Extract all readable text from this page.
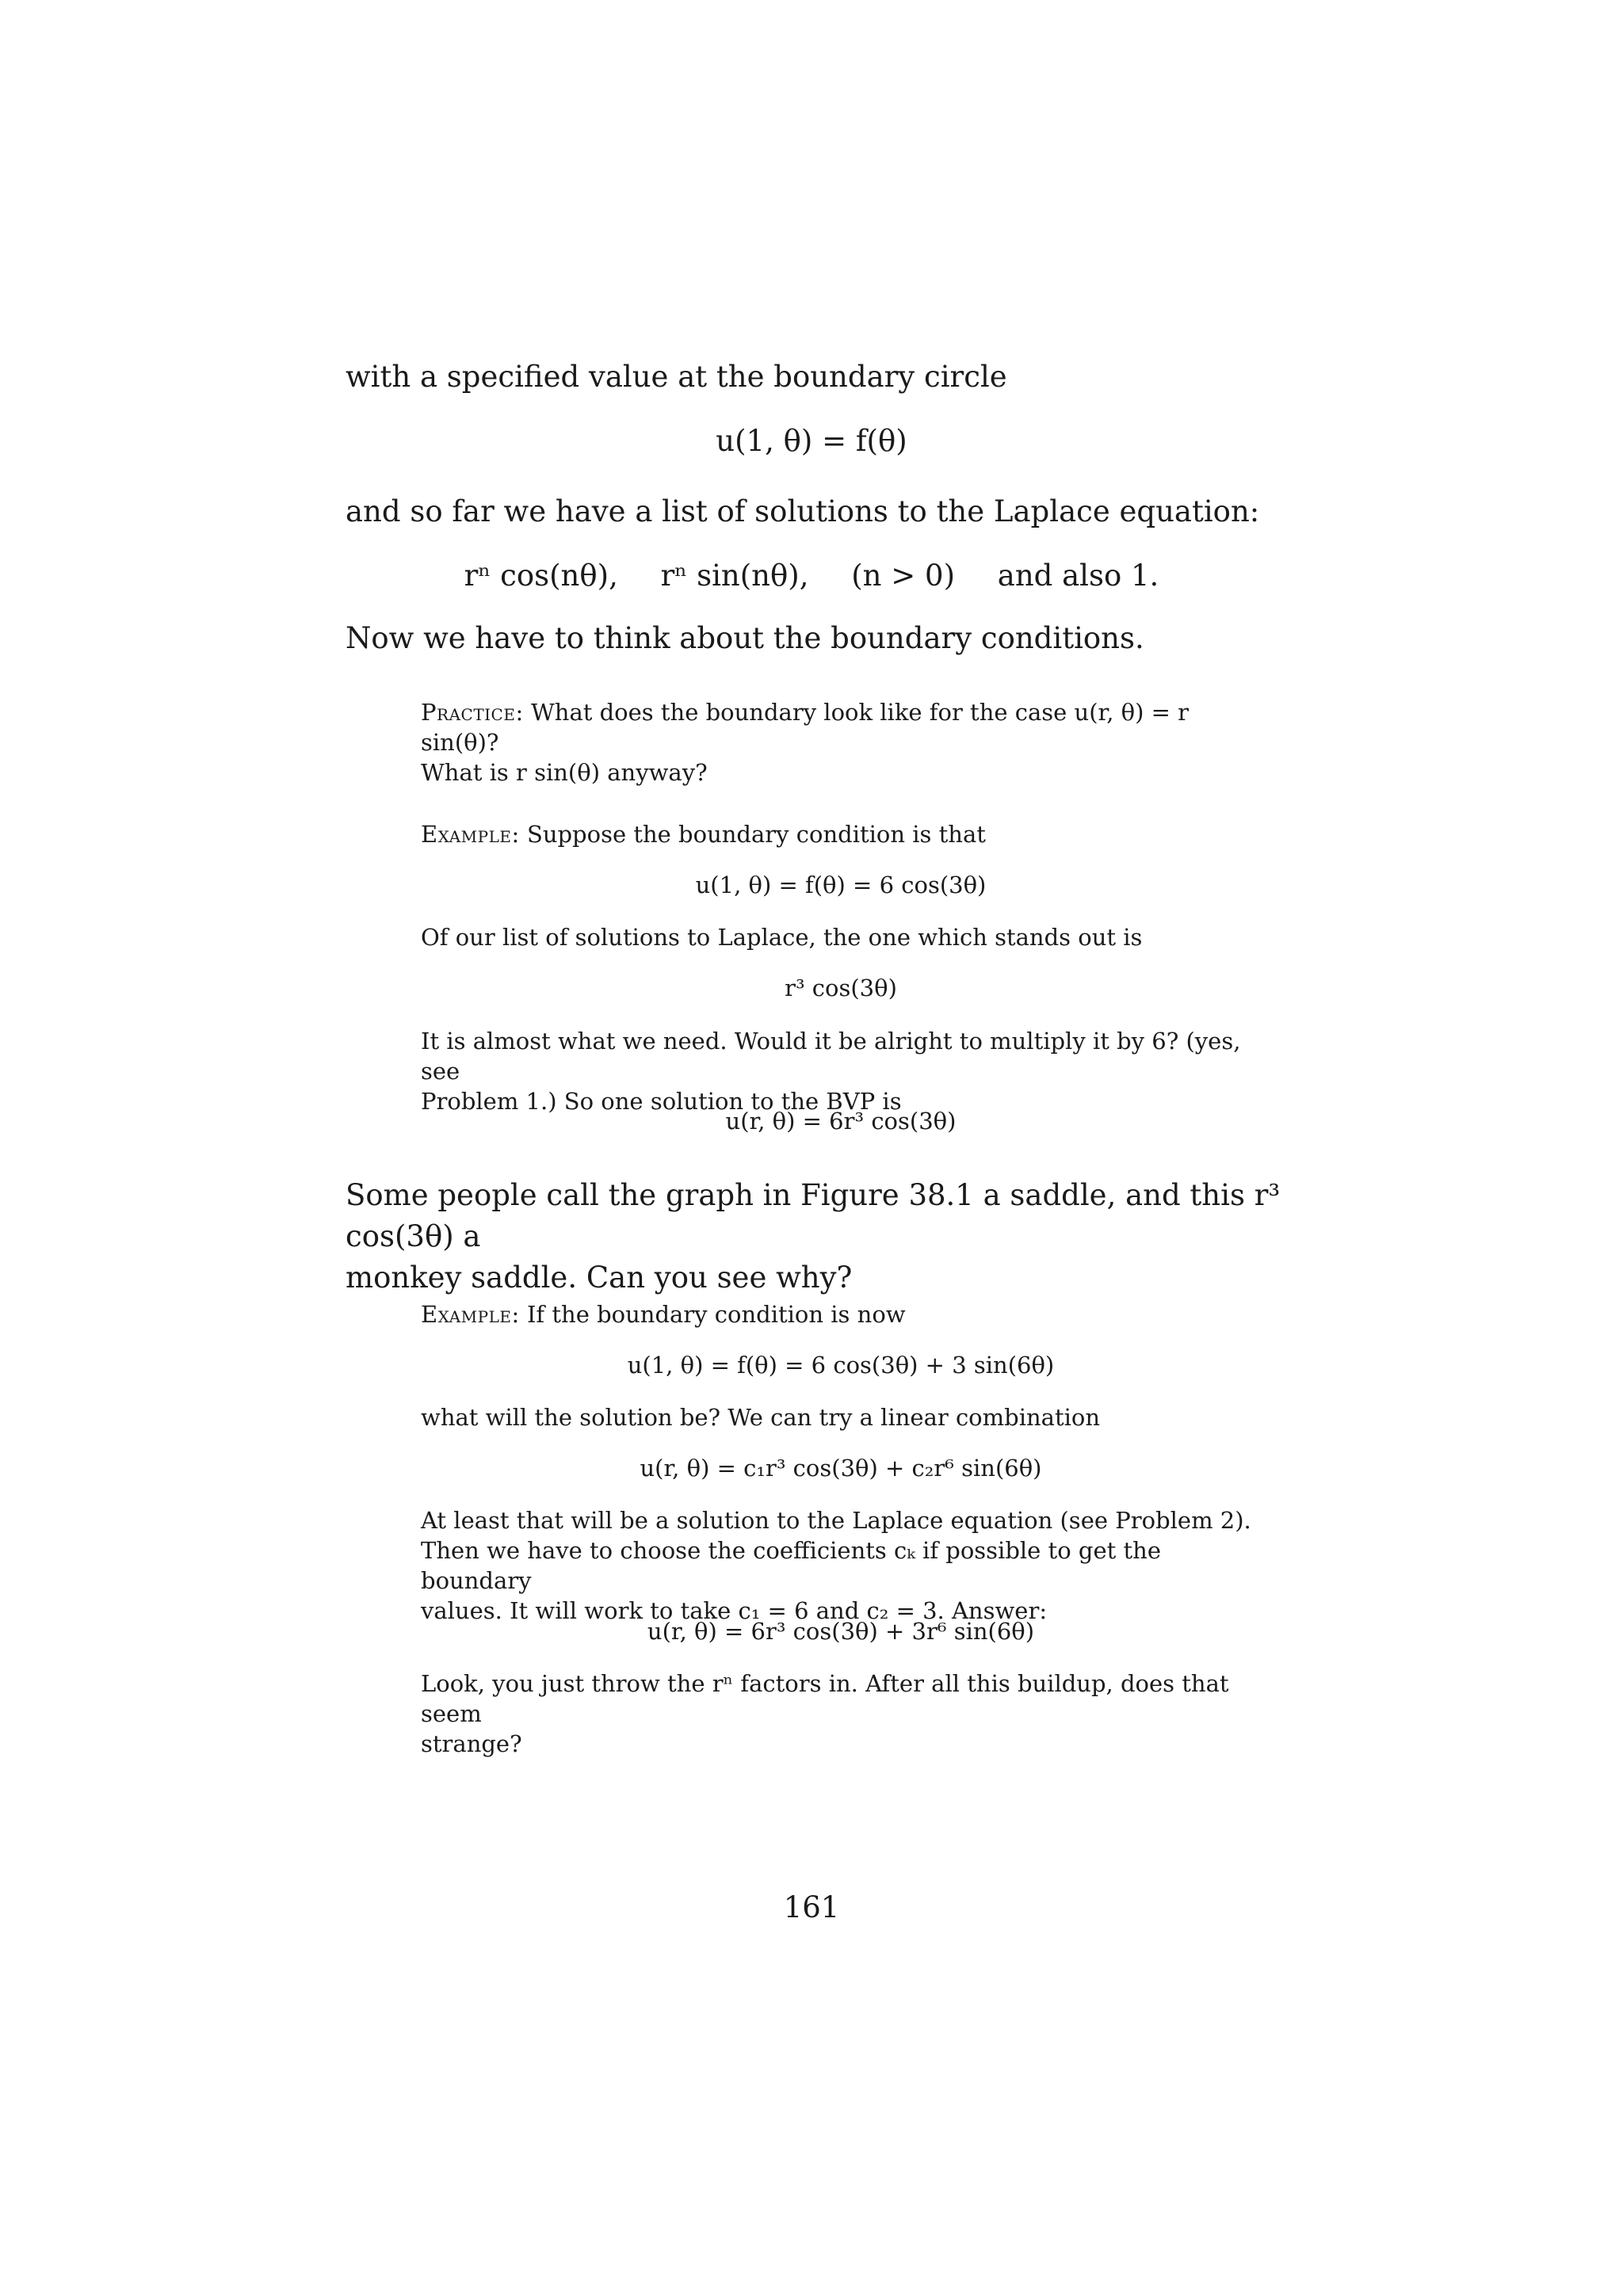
with a specified value at the boundary circle

u(1, θ) = f(θ)

and so far we have a list of solutions to the Laplace equation:

rⁿ cos(nθ), rⁿ sin(nθ), (n > 0) and also 1.

Now we have to think about the boundary conditions.

Practice: What does the boundary look like for the case u(r, θ) = r sin(θ)?
What is r sin(θ) anyway?
Example: Suppose the boundary condition is that
u(1, θ) = f(θ) = 6 cos(3θ)
Of our list of solutions to Laplace, the one which stands out is
r³ cos(3θ)
It is almost what we need. Would it be alright to multiply it by 6? (yes, see
Problem 1.) So one solution to the BVP is
u(r, θ) = 6r³ cos(3θ)
Some people call the graph in Figure 38.1 a saddle, and this r³ cos(3θ) a
monkey saddle. Can you see why?
Example: If the boundary condition is now
u(1, θ) = f(θ) = 6 cos(3θ) + 3 sin(6θ)
what will the solution be? We can try a linear combination
u(r, θ) = c₁r³ cos(3θ) + c₂r⁶ sin(6θ)
At least that will be a solution to the Laplace equation (see Problem 2).
Then we have to choose the coefficients cₖ if possible to get the boundary
values. It will work to take c₁ = 6 and c₂ = 3. Answer:
u(r, θ) = 6r³ cos(3θ) + 3r⁶ sin(6θ)
Look, you just throw the rⁿ factors in. After all this buildup, does that seem
strange?
161
